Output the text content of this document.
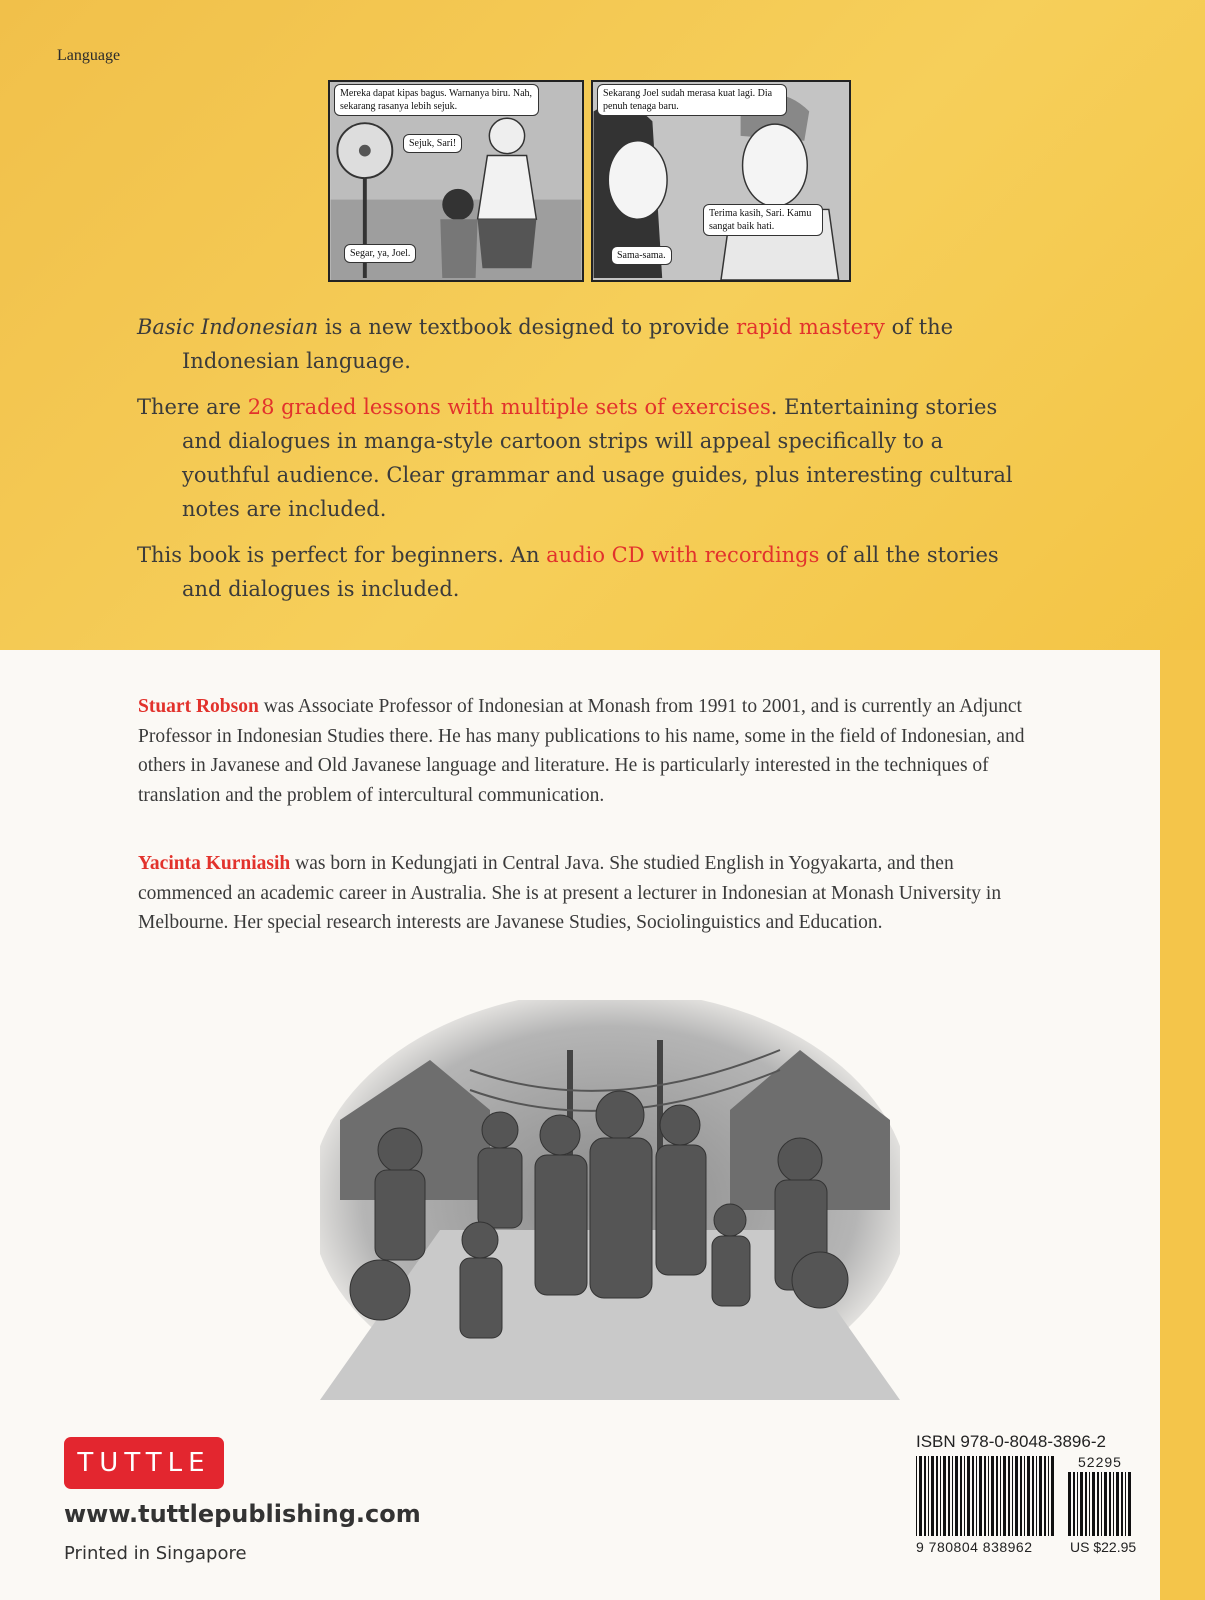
Language
Mereka dapat kipas bagus. Warnanya biru. Nah, sekarang rasanya lebih sejuk.
Sejuk, Sari!
Segar, ya, Joel.
Sekarang Joel sudah merasa kuat lagi. Dia penuh tenaga baru.
Terima kasih, Sari. Kamu sangat baik hati.
Sama-sama.

Basic Indonesian is a new textbook designed to provide rapid mastery of the Indonesian language.

There are 28 graded lessons with multiple sets of exercises. Entertaining stories and dialogues in manga-style cartoon strips will appeal specifically to a youthful audience. Clear grammar and usage guides, plus interesting cultural notes are included.

This book is perfect for beginners. An audio CD with recordings of all the stories and dialogues is included.

Stuart Robson was Associate Professor of Indonesian at Monash from 1991 to 2001, and is currently an Adjunct Professor in Indonesian Studies there. He has many publications to his name, some in the field of Indonesian, and others in Javanese and Old Javanese language and literature. He is particularly interested in the techniques of translation and the problem of intercultural communication.

Yacinta Kurniasih was born in Kedungjati in Central Java. She studied English in Yogyakarta, and then commenced an academic career in Australia. She is at present a lecturer in Indonesian at Monash University in Melbourne. Her special research interests are Javanese Studies, Sociolinguistics and Education.

TUTTLE
www.tuttlepublishing.com
Printed in Singapore
ISBN 978-0-8048-3896-2
52295
9 780804 838962	US $22.95
